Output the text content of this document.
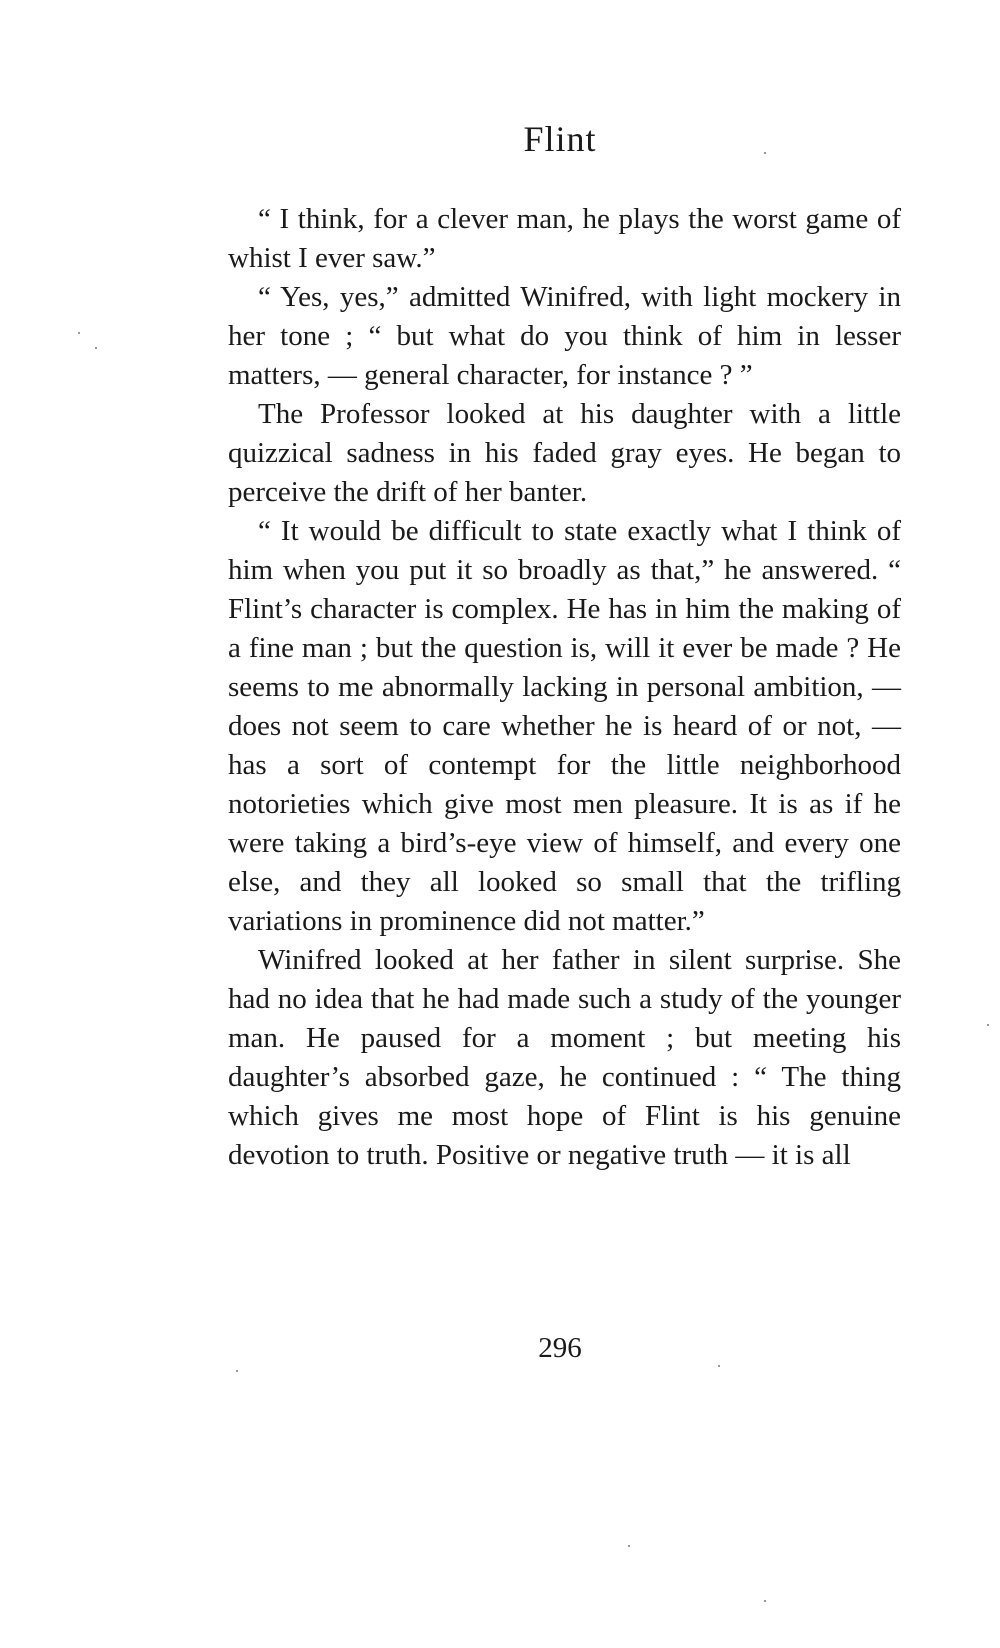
Flint

“ I think, for a clever man, he plays the worst game of whist I ever saw.”

“ Yes, yes,” admitted Winifred, with light mockery in her tone ; “ but what do you think of him in lesser matters, — general character, for instance ? ”

The Professor looked at his daughter with a little quizzical sadness in his faded gray eyes. He began to perceive the drift of her banter.

“ It would be difficult to state exactly what I think of him when you put it so broadly as that,” he answered. “ Flint’s character is complex. He has in him the making of a fine man ; but the question is, will it ever be made ? He seems to me abnormally lacking in personal ambition, — does not seem to care whether he is heard of or not, — has a sort of contempt for the little neighborhood notorieties which give most men pleasure. It is as if he were taking a bird’s-eye view of himself, and every one else, and they all looked so small that the trifling variations in prominence did not matter.”

Winifred looked at her father in silent surprise. She had no idea that he had made such a study of the younger man. He paused for a moment ; but meeting his daughter’s absorbed gaze, he continued : “ The thing which gives me most hope of Flint is his genuine devotion to truth. Positive or negative truth — it is all

296
